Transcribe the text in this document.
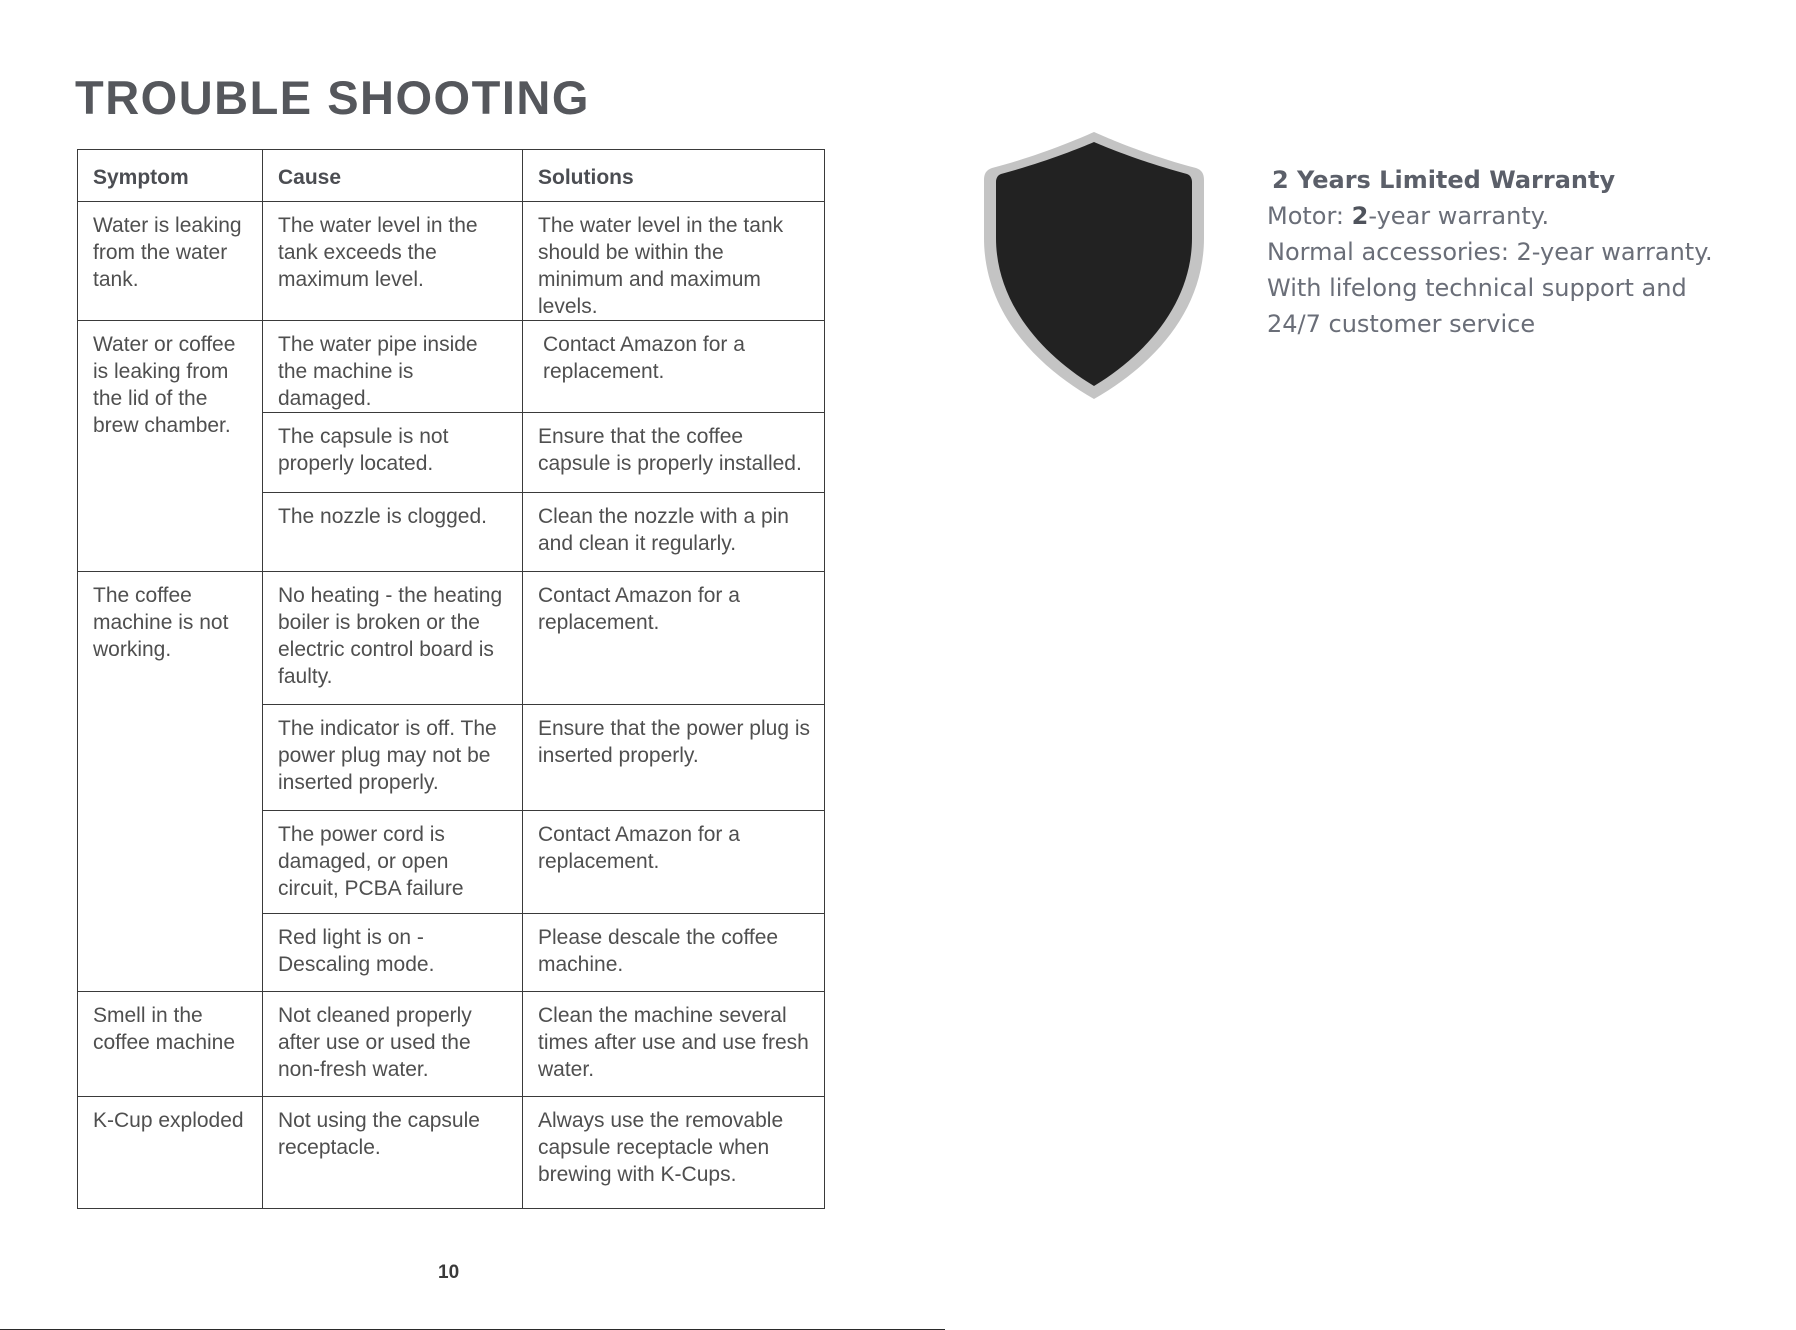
TROUBLE SHOOTING
Symptom	Cause	Solutions
Water is leaking from the water tank.	The water level in the tank exceeds the maximum level.	The water level in the tank should be within the minimum and maximum levels.
Water or coffee is leaking from the lid of the brew chamber.	The water pipe inside the machine is damaged.	Contact Amazon for a replacement.
	The capsule is not properly located.	Ensure that the coffee capsule is properly installed.
	The nozzle is clogged.	Clean the nozzle with a pin and clean it regularly.
The coffee machine is not working.	No heating - the heating boiler is broken or the electric control board is faulty.	Contact Amazon for a replacement.
	The indicator is off. The power plug may not be inserted properly.	Ensure that the power plug is inserted properly.
	The power cord is damaged, or open circuit, PCBA failure	Contact Amazon for a replacement.
	Red light is on - Descaling mode.	Please descale the coffee machine.
Smell in the coffee machine	Not cleaned properly after use or used the non-fresh water.	Clean the machine several times after use and use fresh water.
K-Cup exploded	Not using the capsule receptacle.	Always use the removable capsule receptacle when brewing with K-Cups.
2 Years Limited Warranty
Motor: 2-year warranty.
Normal accessories: 2-year warranty.
With lifelong technical support and
24/7 customer service
10
